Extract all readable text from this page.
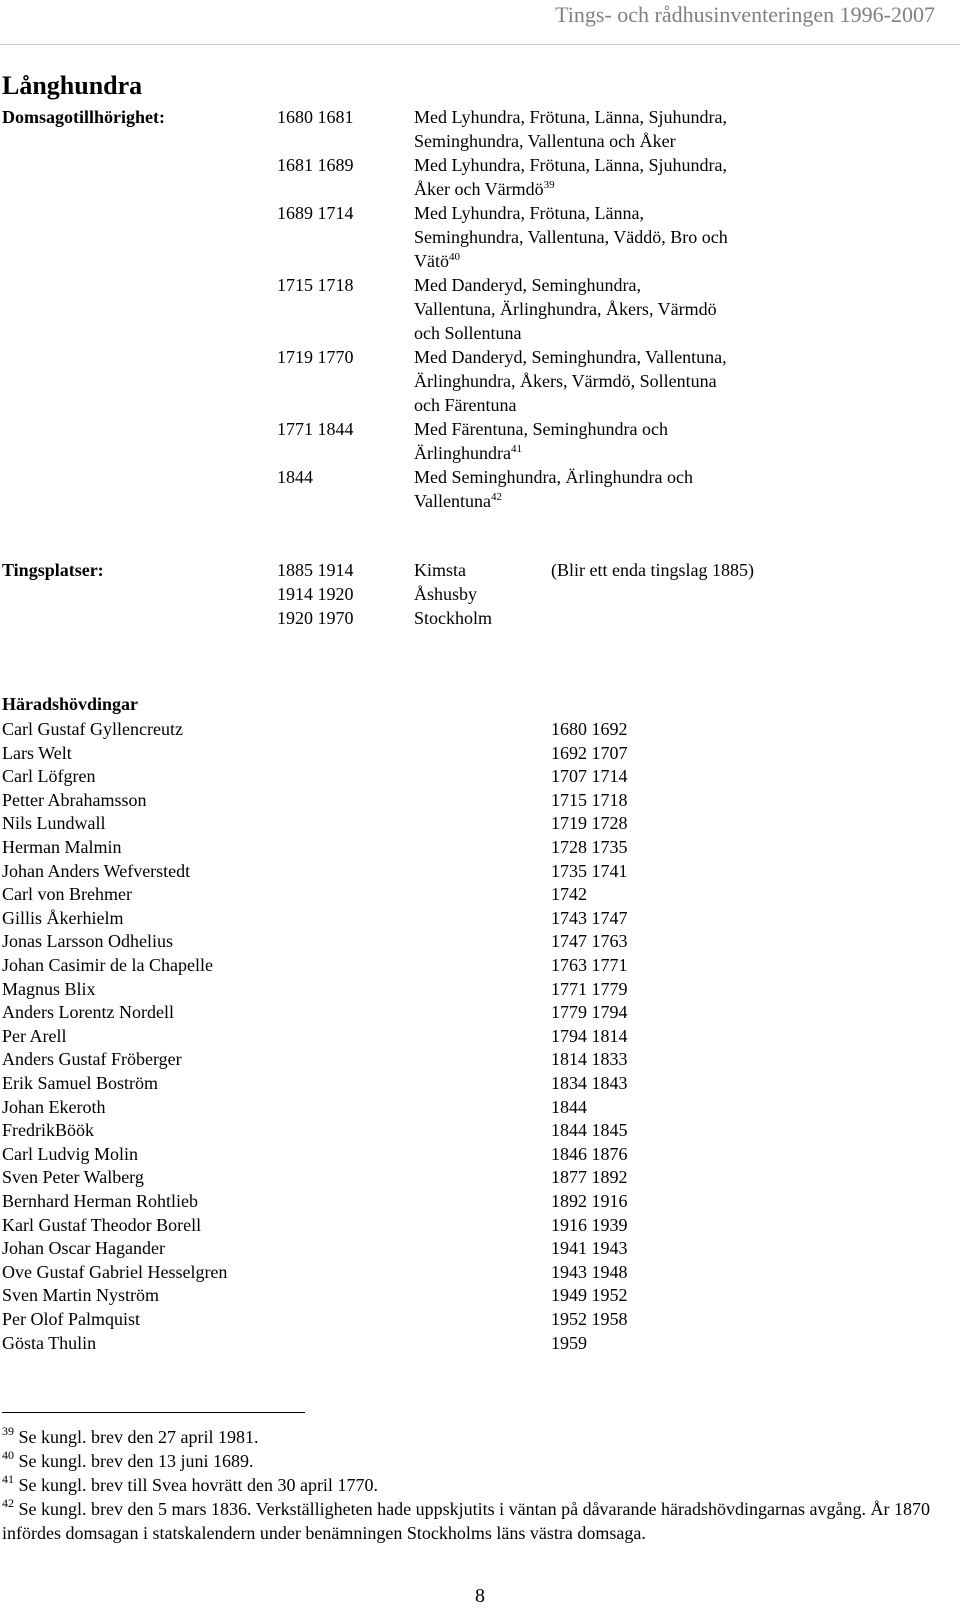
Tings- och rådhusinventeringen 1996-2007
Långhundra
Domsagotillhörighet:	1680 1681	Med Lyhundra, Frötuna, Länna, Sjuhundra,
Seminghundra, Vallentuna och Åker
1681 1689	Med Lyhundra, Frötuna, Länna, Sjuhundra,
Åker och Värmdö$^{39}$
1689 1714	Med Lyhundra, Frötuna, Länna,
Seminghundra, Vallentuna, Väddö, Bro och
Vätö$^{40}$
1715 1718	Med Danderyd, Seminghundra,
Vallentuna, Ärlinghundra, Åkers, Värmdö
och Sollentuna
1719 1770	Med Danderyd, Seminghundra, Vallentuna,
Ärlinghundra, Åkers, Värmdö, Sollentuna
och Färentuna
1771 1844	Med Färentuna, Seminghundra och
Ärlinghundra$^{41}$
1844	Med Seminghundra, Ärlinghundra och
Vallentuna$^{42}$
Tingsplatser:	1885 1914	Kimsta	(Blir ett enda tingslag 1885)
1914 1920	Åshusby
1920 1970	Stockholm
Häradshövdingar
Carl Gustaf Gyllencreutz	1680 1692
Lars Welt	1692 1707
Carl Löfgren	1707 1714
Petter Abrahamsson	1715 1718
Nils Lundwall	1719 1728
Herman Malmin	1728 1735
Johan Anders Wefverstedt	1735 1741
Carl von Brehmer	1742
Gillis Åkerhielm	1743 1747
Jonas Larsson Odhelius	1747 1763
Johan Casimir de la Chapelle	1763 1771
Magnus Blix	1771 1779
Anders Lorentz Nordell	1779 1794
Per Arell	1794 1814
Anders Gustaf Fröberger	1814 1833
Erik Samuel Boström	1834 1843
Johan Ekeroth	1844
FredrikBöök	1844 1845
Carl Ludvig Molin	1846 1876
Sven Peter Walberg	1877 1892
Bernhard Herman Rohtlieb	1892 1916
Karl Gustaf Theodor Borell	1916 1939
Johan Oscar Hagander	1941 1943
Ove Gustaf Gabriel Hesselgren	1943 1948
Sven Martin Nyström	1949 1952
Per Olof Palmquist	1952 1958
Gösta Thulin	1959
$^{39}$ Se kungl. brev den 27 april 1981.
$^{40}$ Se kungl. brev den 13 juni 1689.
$^{41}$ Se kungl. brev till Svea hovrätt den 30 april 1770.
$^{42}$ Se kungl. brev den 5 mars 1836. Verkställigheten hade uppskjutits i väntan på dåvarande häradshövdingarnas avgång. År 1870 infördes domsagan i statskalendern under benämningen Stockholms läns västra domsaga.
8
